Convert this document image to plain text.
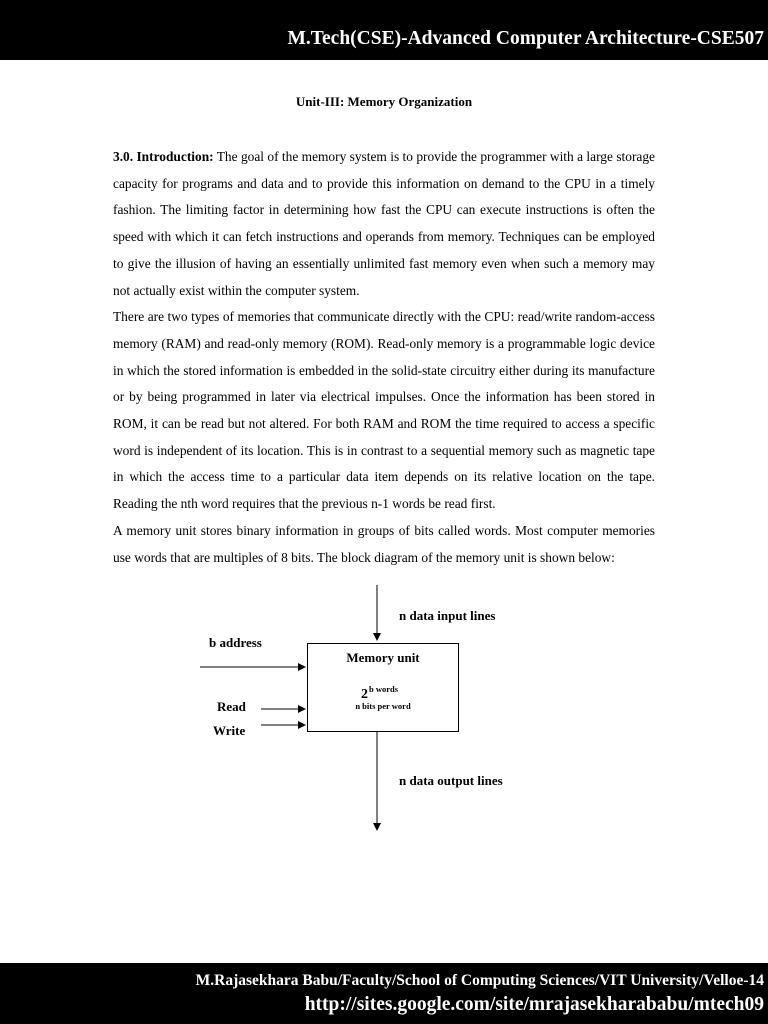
M.Tech(CSE)-Advanced Computer Architecture-CSE507
Unit-III: Memory Organization

3.0. Introduction: The goal of the memory system is to provide the programmer with a large storage capacity for programs and data and to provide this information on demand to the CPU in a timely fashion. The limiting factor in determining how fast the CPU can execute instructions is often the speed with which it can fetch instructions and operands from memory. Techniques can be employed to give the illusion of having an essentially unlimited fast memory even when such a memory may not actually exist within the computer system.

There are two types of memories that communicate directly with the CPU: read/write random-access memory (RAM) and read-only memory (ROM). Read-only memory is a programmable logic device in which the stored information is embedded in the solid-state circuitry either during its manufacture or by being programmed in later via electrical impulses. Once the information has been stored in ROM, it can be read but not altered. For both RAM and ROM the time required to access a specific word is independent of its location. This is in contrast to a sequential memory such as magnetic tape in which the access time to a particular data item depends on its relative location on the tape. Reading the nth word requires that the previous n-1 words be read first.

A memory unit stores binary information in groups of bits called words. Most computer memories use words that are multiples of 8 bits. The block diagram of the memory unit is shown below:

n data input lines
b address
Read
Write
n data output lines
Memory unit
$2^{b words}$
n bits per word
M.Rajasekhara Babu/Faculty/School of Computing Sciences/VIT University/Velloe-14
http://sites.google.com/site/mrajasekharababu/mtech09
